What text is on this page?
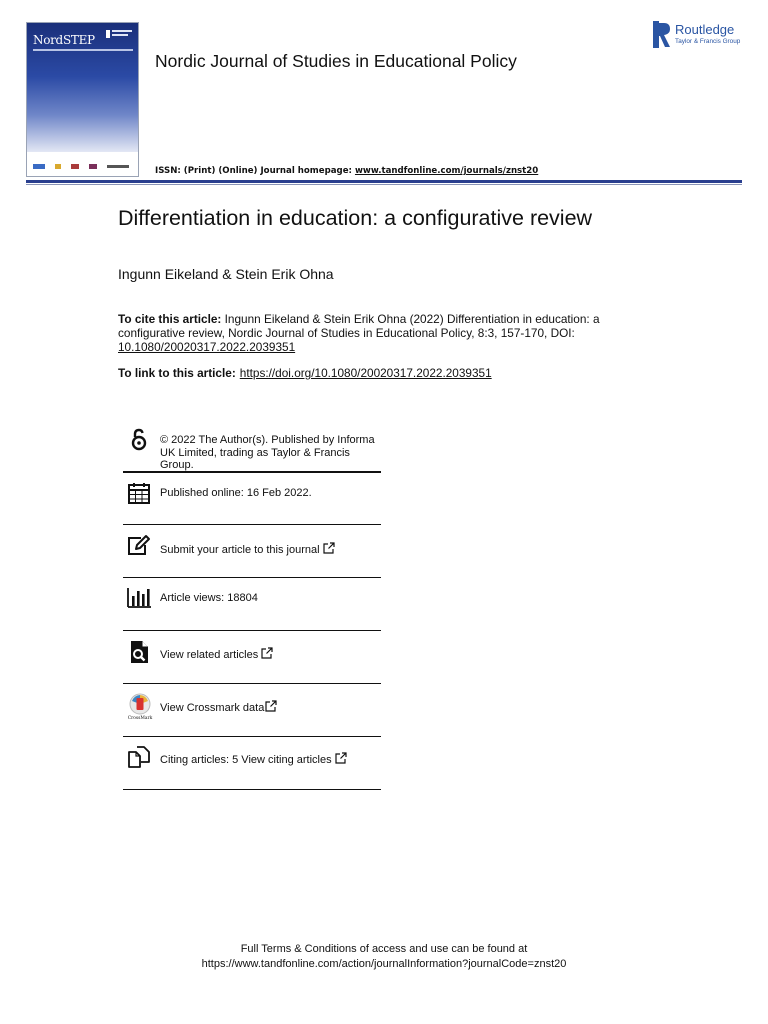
NordSTEP
Nordic Journal of Studies in Educational Policy
ISSN: (Print) (Online) Journal homepage: www.tandfonline.com/journals/znst20
Routledge
Taylor & Francis Group
Differentiation in education: a configurative review
Ingunn Eikeland & Stein Erik Ohna
To cite this article: Ingunn Eikeland & Stein Erik Ohna (2022) Differentiation in education: a configurative review, Nordic Journal of Studies in Educational Policy, 8:3, 157-170, DOI: 10.1080/20020317.2022.2039351
To link to this article: https://doi.org/10.1080/20020317.2022.2039351
© 2022 The Author(s). Published by Informa
UK Limited, trading as Taylor & Francis
Group.
Published online: 16 Feb 2022.
Submit your article to this journal
Article views: 18804
View related articles
CrossMark
View Crossmark data
Citing articles: 5 View citing articles
Full Terms & Conditions of access and use can be found at
https://www.tandfonline.com/action/journalInformation?journalCode=znst20
